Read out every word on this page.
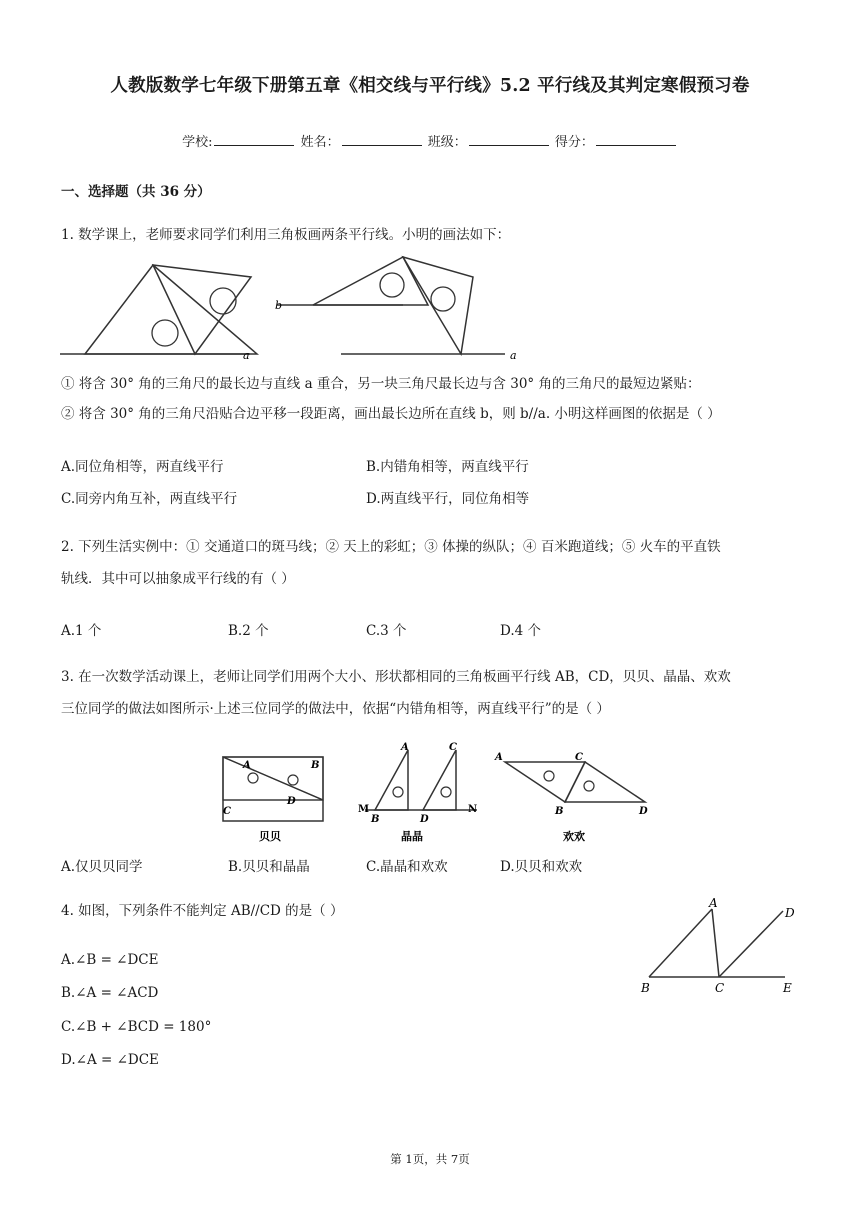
人教版数学七年级下册第五章《相交线与平行线》5.2 平行线及其判定寒假预习卷
学校:	姓名：	班级：	得分：
一、选择题（共 36 分）
1. 数学课上，老师要求同学们利用三角板画两条平行线。小明的画法如下：
a
b
a
① 将含 30° 角的三角尺的最长边与直线 a 重合，另一块三角尺最长边与含 30° 角的三角尺的最短边紧贴：
② 将含 30° 角的三角尺沿贴合边平移一段距离，画出最长边所在直线 b，则 b//a. 小明这样画图的依据是（ ）
A.同位角相等，两直线平行	B.内错角相等，两直线平行
C.同旁内角互补，两直线平行	D.两直线平行，同位角相等
2. 下列生活实例中：① 交通道口的斑马线；② 天上的彩虹；③ 体操的纵队；④ 百米跑道线；⑤ 火车的平直铁
轨线．其中可以抽象成平行线的有（ ）
A.1 个	B.2 个	C.3 个	D.4 个
3. 在一次数学活动课上，老师让同学们用两个大小、形状都相同的三角板画平行线 AB，CD，贝贝、晶晶、欢欢
三位同学的做法如图所示·上述三位同学的做法中，依据“内错角相等，两直线平行”的是（ ）
A	B
C
D
贝贝
A	C
M	N
B	D
晶晶
A	C
B	D
欢欢
A.仅贝贝同学	B.贝贝和晶晶	C.晶晶和欢欢	D.贝贝和欢欢
4. 如图，下列条件不能判定 AB//CD 的是（ ）
A.∠B = ∠DCE
B.∠A = ∠ACD
C.∠B + ∠BCD = 180°
D.∠A = ∠DCE
A
D
B	C	E
第 1页，共 7页
